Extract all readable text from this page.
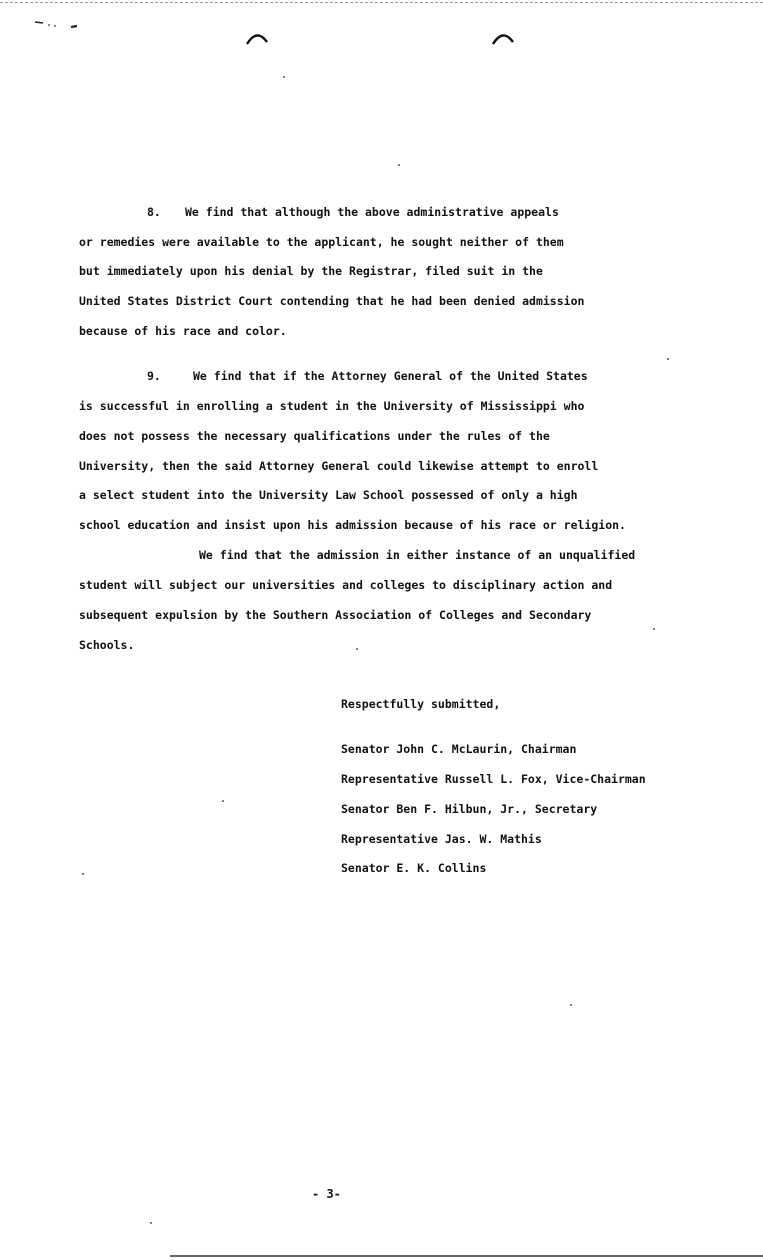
8. We find that although the above administrative appeals
or remedies were available to the applicant, he sought neither of them
but immediately upon his denial by the Registrar, filed suit in the
United States District Court contending that he had been denied admission
because of his race and color.
9.	We find that if the Attorney General of the United States
is successful in enrolling a student in the University of Mississippi who
does not possess the necessary qualifications under the rules of the
University, then the said Attorney General could likewise attempt to enroll
a select student into the University Law School possessed of only a high
school education and insist upon his admission because of his race or religion.
We find that the admission in either instance of an unqualified
student will subject our universities and colleges to disciplinary action and
subsequent expulsion by the Southern Association of Colleges and Secondary
Schools.
Respectfully submitted,
Senator John C. McLaurin, Chairman
Representative Russell L. Fox, Vice-Chairman
Senator Ben F. Hilbun, Jr., Secretary
Representative Jas. W. Mathis
Senator E. K. Collins
- 3-
